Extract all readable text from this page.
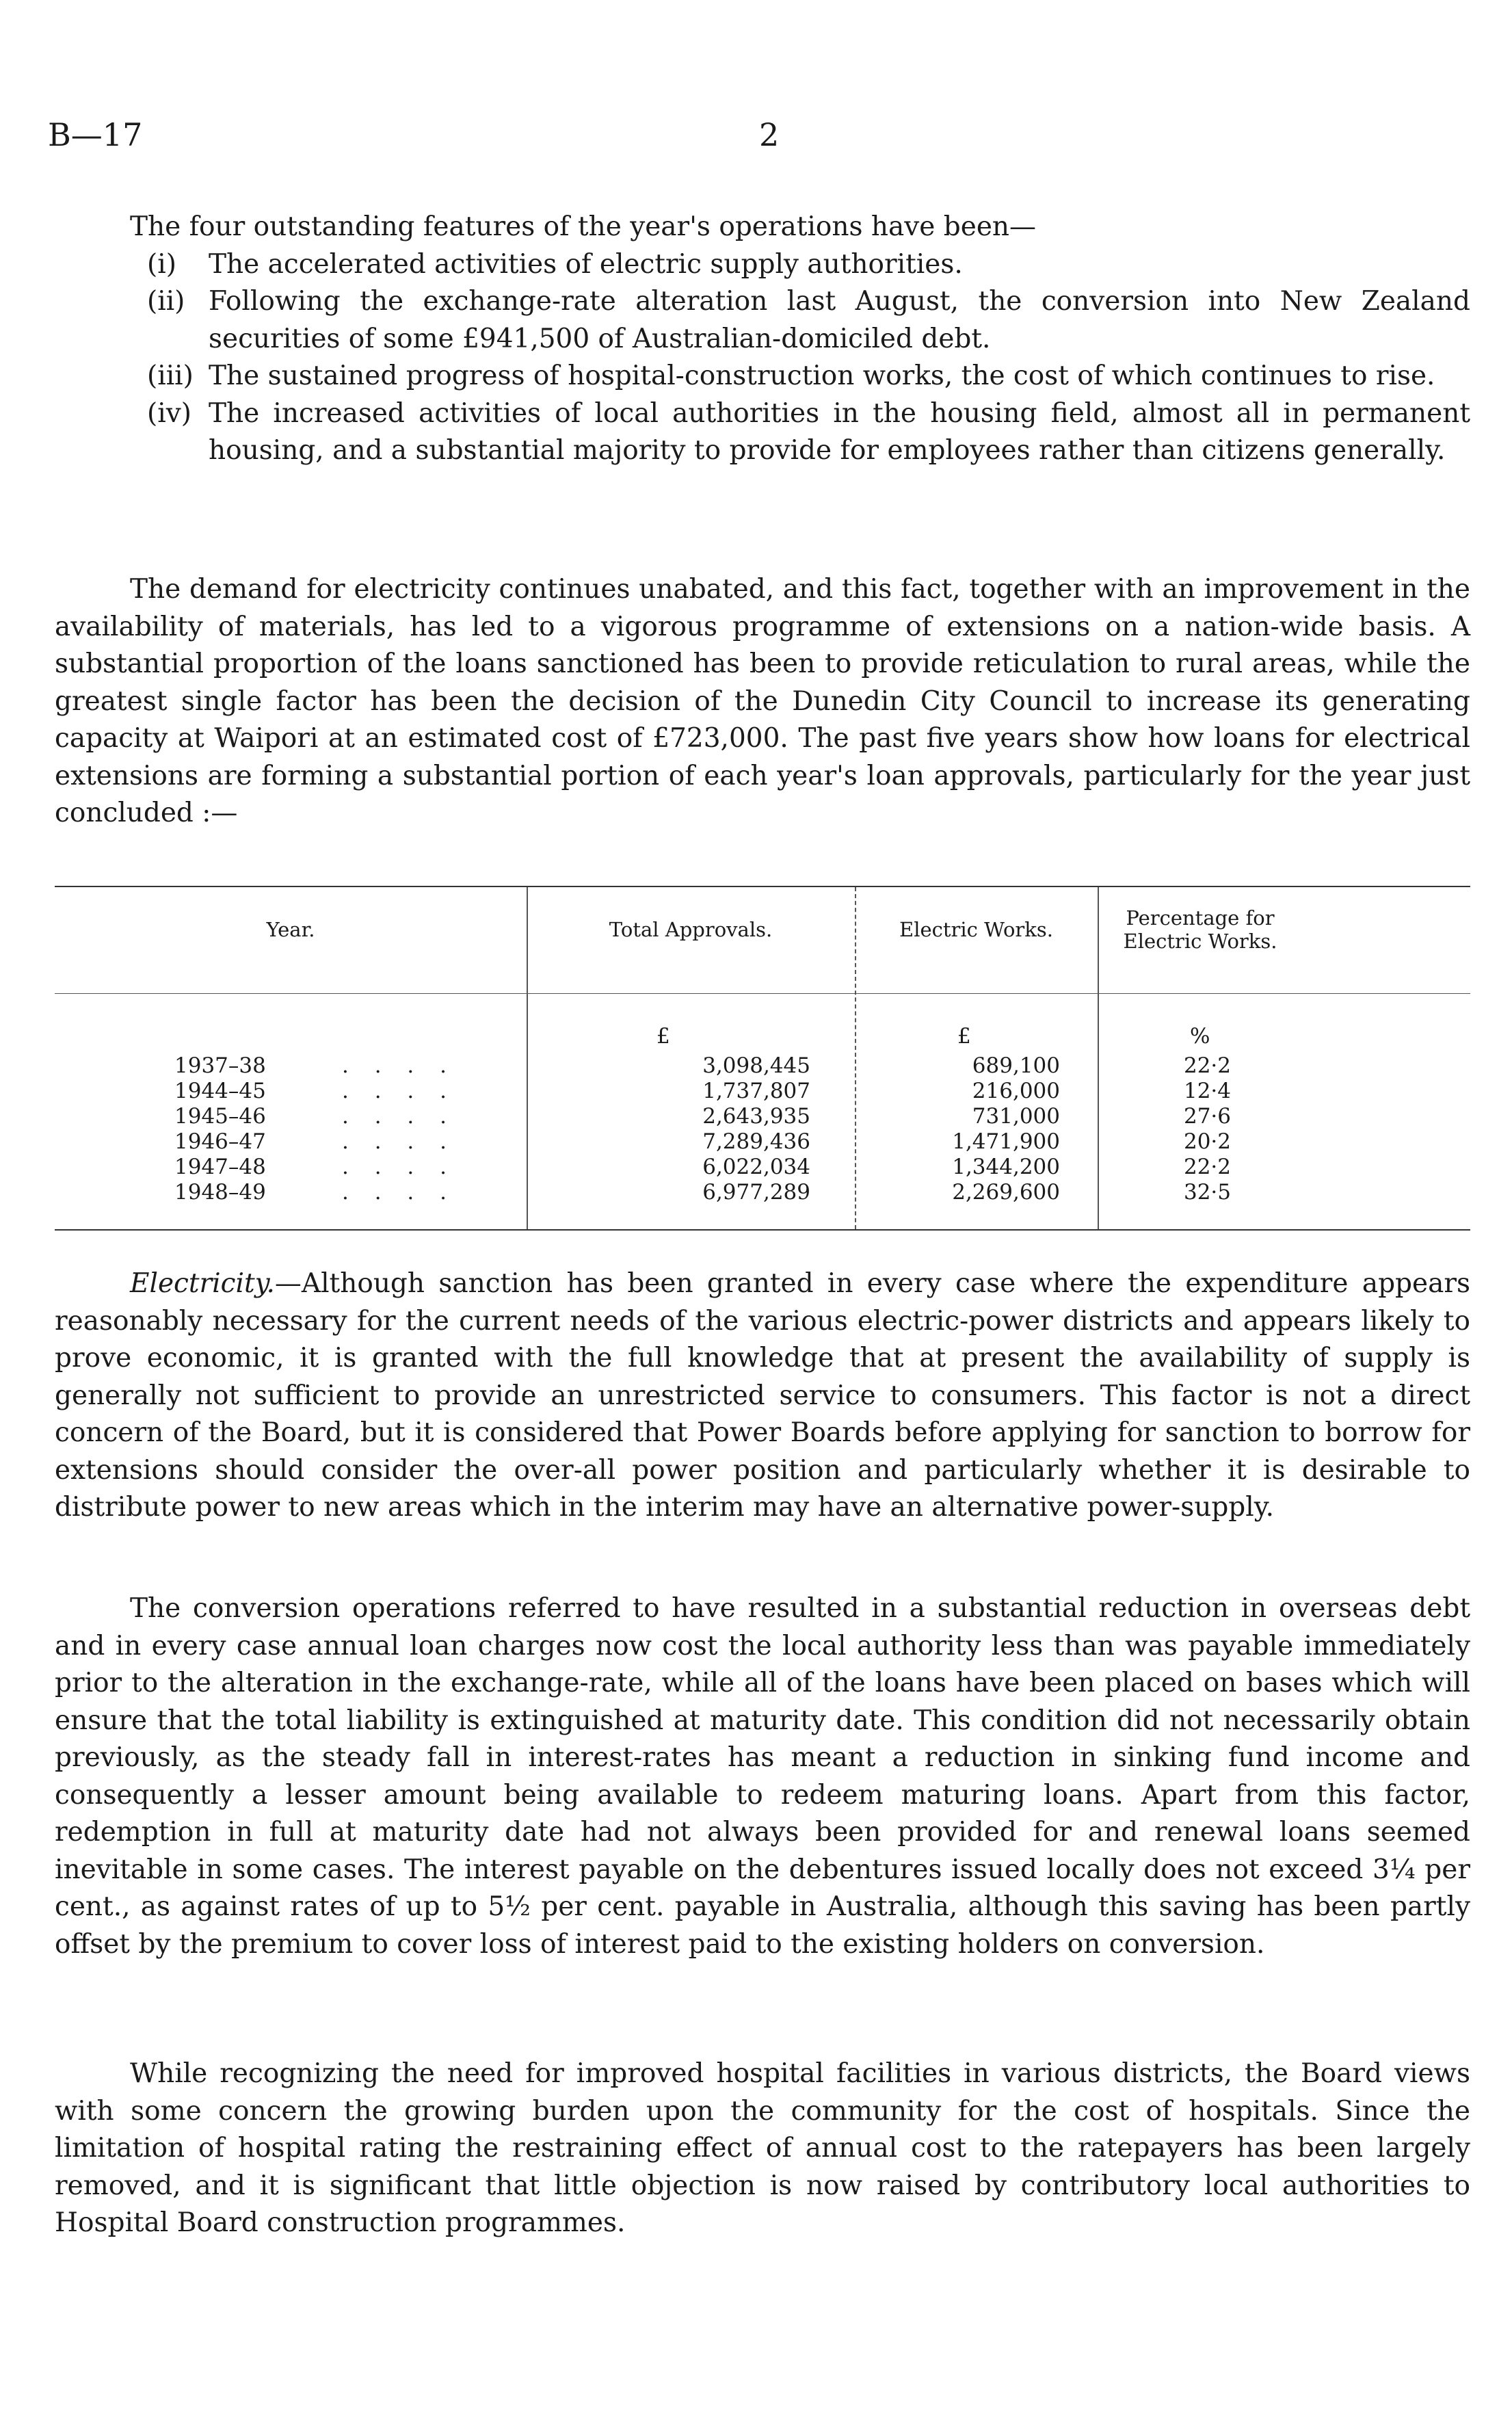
B—17	2

The four outstanding features of the year's operations have been—

(i) The accelerated activities of electric supply authorities.
(ii) Following the exchange-rate alteration last August, the conversion into New Zealand securities of some £941,500 of Australian-domiciled debt.
(iii) The sustained progress of hospital-construction works, the cost of which continues to rise.
(iv) The increased activities of local authorities in the housing field, almost all in permanent housing, and a substantial majority to provide for employees rather than citizens generally.

The demand for electricity continues unabated, and this fact, together with an improvement in the availability of materials, has led to a vigorous programme of extensions on a nation-wide basis. A substantial proportion of the loans sanctioned has been to provide reticulation to rural areas, while the greatest single factor has been the decision of the Dunedin City Council to increase its generating capacity at Waipori at an estimated cost of £723,000. The past five years show how loans for electrical extensions are forming a substantial portion of each year's loan approvals, particularly for the year just concluded :—

Year.	Total Approvals.	Electric Works.	Percentage for Electric Works.
£	£	%
1937–38	. . . .	3,098,445	689,100	22·2
1944–45	. . . .	1,737,807	216,000	12·4
1945–46	. . . .	2,643,935	731,000	27·6
1946–47	. . . .	7,289,436	1,471,900	20·2
1947–48	. . . .	6,022,034	1,344,200	22·2
1948–49	. . . .	6,977,289	2,269,600	32·5

Electricity.—Although sanction has been granted in every case where the expenditure appears reasonably necessary for the current needs of the various electric-power districts and appears likely to prove economic, it is granted with the full knowledge that at present the availability of supply is generally not sufficient to provide an unrestricted service to consumers. This factor is not a direct concern of the Board, but it is considered that Power Boards before applying for sanction to borrow for extensions should consider the over-all power position and particularly whether it is desirable to distribute power to new areas which in the interim may have an alternative power-supply.

The conversion operations referred to have resulted in a substantial reduction in overseas debt and in every case annual loan charges now cost the local authority less than was payable immediately prior to the alteration in the exchange-rate, while all of the loans have been placed on bases which will ensure that the total liability is extinguished at maturity date. This condition did not necessarily obtain previously, as the steady fall in interest-rates has meant a reduction in sinking fund income and consequently a lesser amount being available to redeem maturing loans. Apart from this factor, redemption in full at maturity date had not always been provided for and renewal loans seemed inevitable in some cases. The interest payable on the debentures issued locally does not exceed 3¼ per cent., as against rates of up to 5½ per cent. payable in Australia, although this saving has been partly offset by the premium to cover loss of interest paid to the existing holders on conversion.

While recognizing the need for improved hospital facilities in various districts, the Board views with some concern the growing burden upon the community for the cost of hospitals. Since the limitation of hospital rating the restraining effect of annual cost to the ratepayers has been largely removed, and it is significant that little objection is now raised by contributory local authorities to Hospital Board construction programmes.
